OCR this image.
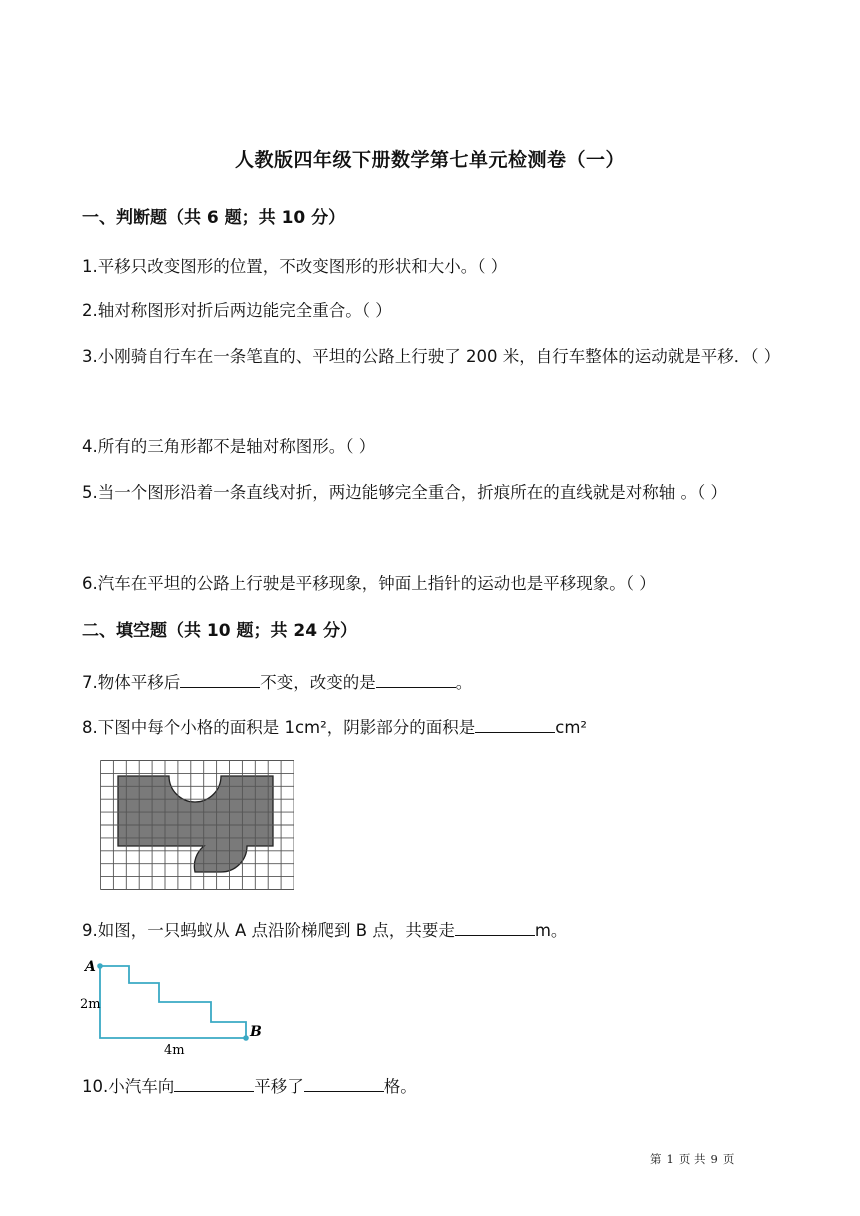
人教版四年级下册数学第七单元检测卷（一）
一、判断题（共 6 题；共 10 分）
1.平移只改变图形的位置，不改变图形的形状和大小。（ ）
2.轴对称图形对折后两边能完全重合。（ ）
3.小刚骑自行车在一条笔直的、平坦的公路上行驶了 200 米，自行车整体的运动就是平移．（ ）
4.所有的三角形都不是轴对称图形。（ ）
5.当一个图形沿着一条直线对折，两边能够完全重合，折痕所在的直线就是对称轴 。（ ）
6.汽车在平坦的公路上行驶是平移现象，钟面上指针的运动也是平移现象。（ ）
二、填空题（共 10 题；共 24 分）
7.物体平移后	不变，改变的是	。
8.下图中每个小格的面积是 1cm²，阴影部分的面积是	cm²
9.如图，一只蚂蚁从 A 点沿阶梯爬到 B 点，共要走	m。
A
B
2m
4m
10.小汽车向	平移了	格。
第 1 页 共 9 页
